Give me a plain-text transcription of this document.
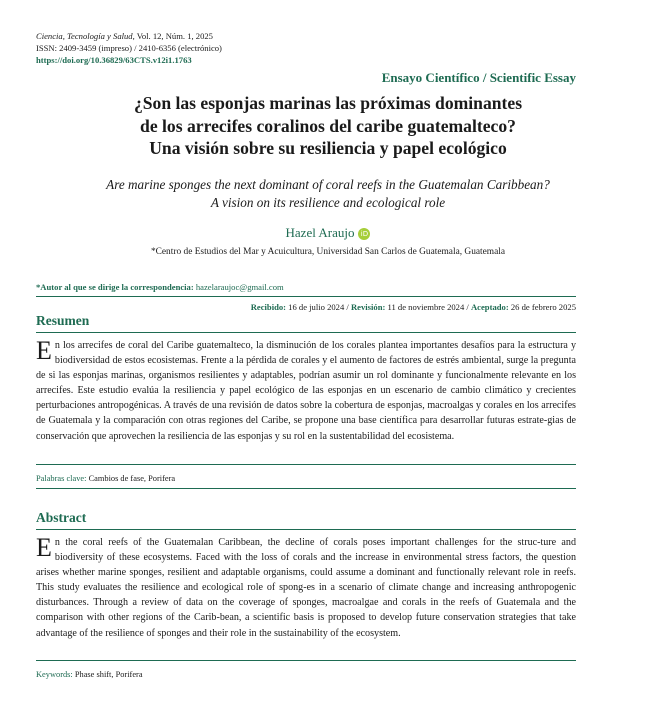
Ciencia, Tecnología y Salud, Vol. 12, Núm. 1, 2025
ISSN: 2409-3459 (impreso) / 2410-6356 (electrónico)
https://doi.org/10.36829/63CTS.v12i1.1763
Ensayo Científico / Scientific Essay
¿Son las esponjas marinas las próximas dominantes
de los arrecifes coralinos del caribe guatemalteco?
Una visión sobre su resiliencia y papel ecológico
Are marine sponges the next dominant of coral reefs in the Guatemalan Caribbean?
A vision on its resilience and ecological role
Hazel Araujo iD
*Centro de Estudios del Mar y Acuicultura, Universidad San Carlos de Guatemala, Guatemala
*Autor al que se dirige la correspondencia: hazelaraujoc@gmail.com
Recibido: 16 de julio 2024 / Revisión: 11 de noviembre 2024 / Aceptado: 26 de febrero 2025
Resumen
En los arrecifes de coral del Caribe guatemalteco, la disminución de los corales plantea importantes desafíos para la estructura y biodiversidad de estos ecosistemas. Frente a la pérdida de corales y el aumento de factores de estrés ambiental, surge la pregunta de si las esponjas marinas, organismos resilientes y adaptables, podrían asumir un rol dominante y funcionalmente relevante en los arrecifes. Este estudio evalúa la resiliencia y papel ecológico de las esponjas en un escenario de cambio climático y crecientes perturbaciones antropogénicas. A través de una revisión de datos sobre la cobertura de esponjas, macroalgas y corales en los arrecifes de Guatemala y la comparación con otras regiones del Caribe, se propone una base científica para desarrollar futuras estrate-gias de conservación que aprovechen la resiliencia de las esponjas y su rol en la sustentabilidad del ecosistema.
Palabras clave: Cambios de fase, Porifera
Abstract
En the coral reefs of the Guatemalan Caribbean, the decline of corals poses important challenges for the struc-ture and biodiversity of these ecosystems. Faced with the loss of corals and the increase in environmental stress factors, the question arises whether marine sponges, resilient and adaptable organisms, could assume a dominant and functionally relevant role in reefs. This study evaluates the resilience and ecological role of spong-es in a scenario of climate change and increasing anthropogenic disturbances. Through a review of data on the coverage of sponges, macroalgae and corals in the reefs of Guatemala and the comparison with other regions of the Carib-bean, a scientific basis is proposed to develop future conservation strategies that take advantage of the resilience of sponges and their role in the sustainability of the ecosystem.
Keywords: Phase shift, Porifera
